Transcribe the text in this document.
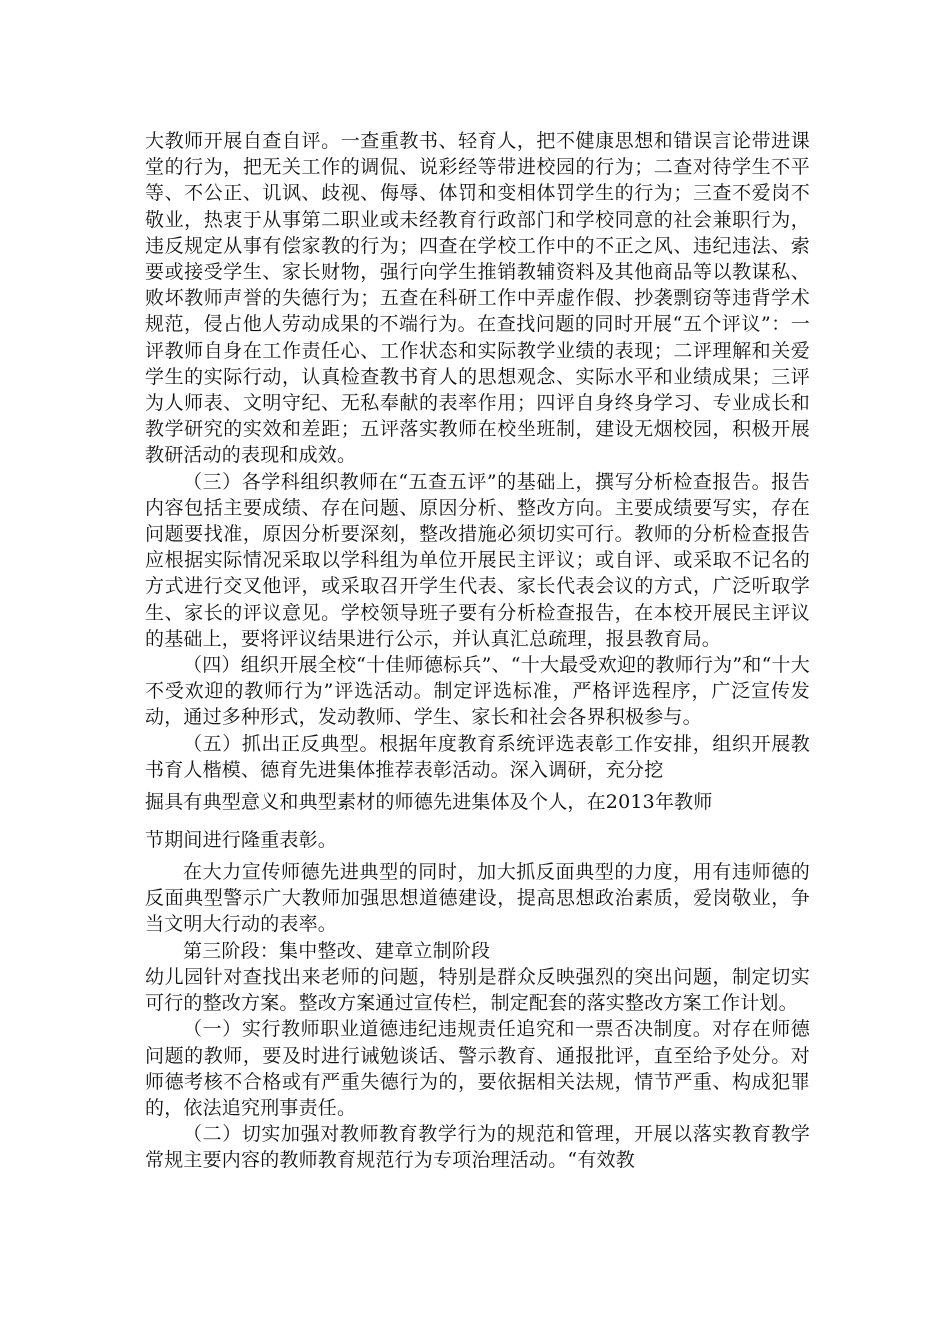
大教师开展自查自评。一查重教书、轻育人，把不健康思想和错误言论带进课堂的行为，把无关工作的调侃、说彩经等带进校园的行为；二查对待学生不平等、不公正、讥讽、歧视、侮辱、体罚和变相体罚学生的行为；三查不爱岗不敬业，热衷于从事第二职业或未经教育行政部门和学校同意的社会兼职行为，违反规定从事有偿家教的行为；四查在学校工作中的不正之风、违纪违法、索要或接受学生、家长财物，强行向学生推销教辅资料及其他商品等以教谋私、败坏教师声誉的失德行为；五查在科研工作中弄虚作假、抄袭剽窃等违背学术规范，侵占他人劳动成果的不端行为。在查找问题的同时开展“五个评议”：一评教师自身在工作责任心、工作状态和实际教学业绩的表现；二评理解和关爱学生的实际行动，认真检查教书育人的思想观念、实际水平和业绩成果；三评为人师表、文明守纪、无私奉献的表率作用；四评自身终身学习、专业成长和教学研究的实效和差距；五评落实教师在校坐班制，建设无烟校园，积极开展教研活动的表现和成效。

（三）各学科组织教师在“五查五评”的基础上，撰写分析检查报告。报告内容包括主要成绩、存在问题、原因分析、整改方向。主要成绩要写实，存在问题要找准，原因分析要深刻，整改措施必须切实可行。教师的分析检查报告应根据实际情况采取以学科组为单位开展民主评议；或自评、或采取不记名的方式进行交叉他评，或采取召开学生代表、家长代表会议的方式，广泛听取学生、家长的评议意见。学校领导班子要有分析检查报告，在本校开展民主评议的基础上，要将评议结果进行公示，并认真汇总疏理，报县教育局。

（四）组织开展全校“十佳师德标兵”、“十大最受欢迎的教师行为”和“十大不受欢迎的教师行为”评选活动。制定评选标准，严格评选程序，广泛宣传发动，通过多种形式，发动教师、学生、家长和社会各界积极参与。

（五）抓出正反典型。根据年度教育系统评选表彰工作安排，组织开展教书育人楷模、德育先进集体推荐表彰活动。深入调研，充分挖

掘具有典型意义和典型素材的师德先进集体及个人，在2013年教师

节期间进行隆重表彰。

在大力宣传师德先进典型的同时，加大抓反面典型的力度，用有违师德的反面典型警示广大教师加强思想道德建设，提高思想政治素质，爱岗敬业，争当文明大行动的表率。

第三阶段：集中整改、建章立制阶段

幼儿园针对查找出来老师的问题，特别是群众反映强烈的突出问题，制定切实可行的整改方案。整改方案通过宣传栏，制定配套的落实整改方案工作计划。

（一）实行教师职业道德违纪违规责任追究和一票否决制度。对存在师德问题的教师，要及时进行诫勉谈话、警示教育、通报批评，直至给予处分。对师德考核不合格或有严重失德行为的，要依据相关法规，情节严重、构成犯罪的，依法追究刑事责任。

（二）切实加强对教师教育教学行为的规范和管理，开展以落实教育教学常规主要内容的教师教育规范行为专项治理活动。“有效教
